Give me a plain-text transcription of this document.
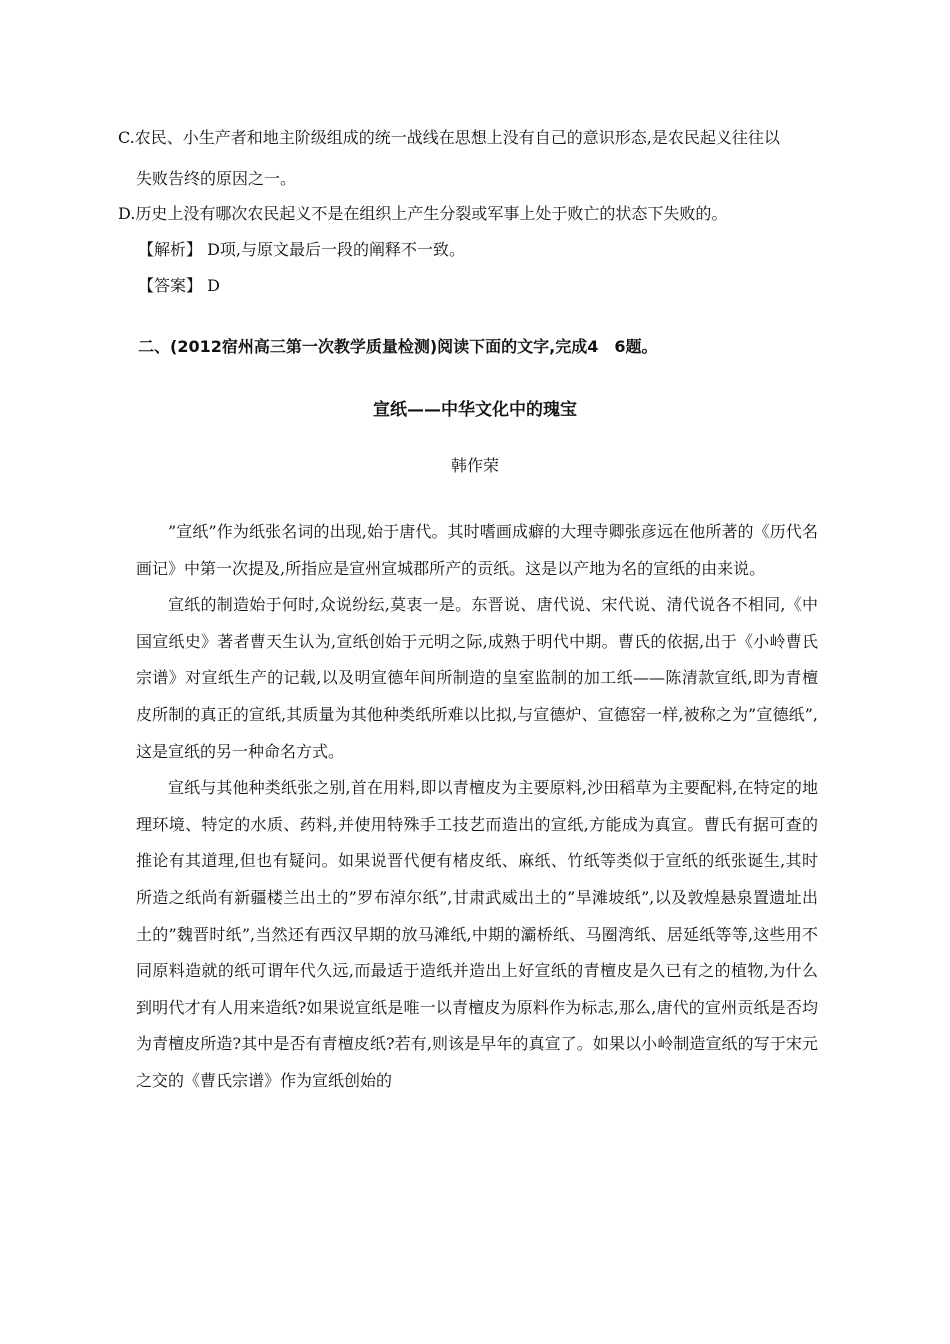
C.农民、小生产者和地主阶级组成的统一战线在思想上没有自己的意识形态,是农民起义往往以
失败告终的原因之一。
D.历史上没有哪次农民起义不是在组织上产生分裂或军事上处于败亡的状态下失败的。
【解析】 D项,与原文最后一段的阐释不一致。
【答案】 D
二、(2012宿州高三第一次教学质量检测)阅读下面的文字,完成4　6题。
宣纸——中华文化中的瑰宝
韩作荣

”宣纸”作为纸张名词的出现,始于唐代。其时嗜画成癖的大理寺卿张彦远在他所著的《历代名画记》中第一次提及,所指应是宣州宣城郡所产的贡纸。这是以产地为名的宣纸的由来说。

宣纸的制造始于何时,众说纷纭,莫衷一是。东晋说、唐代说、宋代说、清代说各不相同,《中国宣纸史》著者曹天生认为,宣纸创始于元明之际,成熟于明代中期。曹氏的依据,出于《小岭曹氏宗谱》对宣纸生产的记载,以及明宣德年间所制造的皇室监制的加工纸——陈清款宣纸,即为青檀皮所制的真正的宣纸,其质量为其他种类纸所难以比拟,与宣德炉、宣德窑一样,被称之为”宣德纸”,这是宣纸的另一种命名方式。

宣纸与其他种类纸张之别,首在用料,即以青檀皮为主要原料,沙田稻草为主要配料,在特定的地理环境、特定的水质、药料,并使用特殊手工技艺而造出的宣纸,方能成为真宣。曹氏有据可查的推论有其道理,但也有疑问。如果说晋代便有楮皮纸、麻纸、竹纸等类似于宣纸的纸张诞生,其时所造之纸尚有新疆楼兰出土的”罗布淖尔纸”,甘肃武威出土的”旱滩坡纸”,以及敦煌悬泉置遗址出土的”魏晋时纸”,当然还有西汉早期的放马滩纸,中期的灞桥纸、马圈湾纸、居延纸等等,这些用不同原料造就的纸可谓年代久远,而最适于造纸并造出上好宣纸的青檀皮是久已有之的植物,为什么到明代才有人用来造纸?如果说宣纸是唯一以青檀皮为原料作为标志,那么,唐代的宣州贡纸是否均为青檀皮所造?其中是否有青檀皮纸?若有,则该是早年的真宣了。如果以小岭制造宣纸的写于宋元之交的《曹氏宗谱》作为宣纸创始的
